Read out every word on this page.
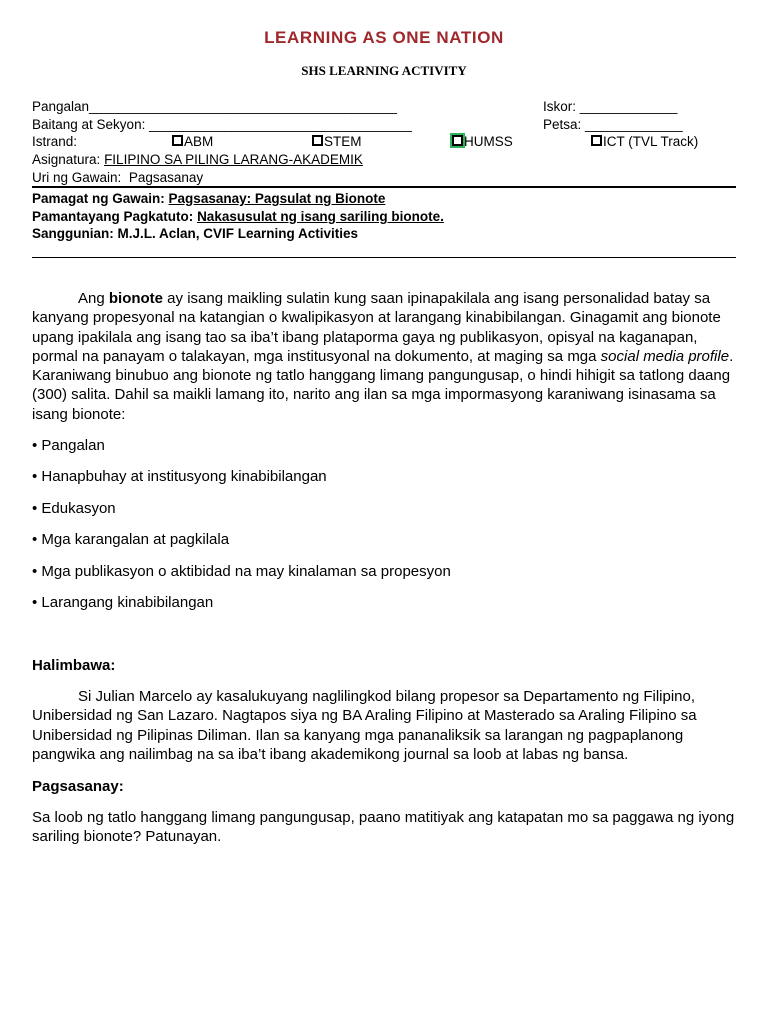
LEARNING AS ONE NATION
SHS LEARNING ACTIVITY
Pangalan_________________________________________	Iskor: _____________
Baitang at Sekyon: ___________________________________	Petsa: _____________
Istrand:	ABM	STEM	HUMSS	ICT (TVL Track)
Asignatura: FILIPINO SA PILING LARANG-AKADEMIK
Uri ng Gawain: Pagsasanay
Pamagat ng Gawain: Pagsasanay: Pagsulat ng Bionote
Pamantayang Pagkatuto: Nakasusulat ng isang sariling bionote.
Sanggunian: M.J.L. Aclan, CVIF Learning Activities
Ang bionote ay isang maikling sulatin kung saan ipinapakilala ang isang personalidad batay sa kanyang propesyonal na katangian o kwalipikasyon at larangang kinabibilangan. Ginagamit ang bionote upang ipakilala ang isang tao sa iba’t ibang plataporma gaya ng publikasyon, opisyal na kaganapan, pormal na panayam o talakayan, mga institusyonal na dokumento, at maging sa mga social media profile. Karaniwang binubuo ang bionote ng tatlo hanggang limang pangungusap, o hindi hihigit sa tatlong daang (300) salita. Dahil sa maikli lamang ito, narito ang ilan sa mga impormasyong karaniwang isinasama sa isang bionote:
• Pangalan
• Hanapbuhay at institusyong kinabibilangan
• Edukasyon
• Mga karangalan at pagkilala
• Mga publikasyon o aktibidad na may kinalaman sa propesyon
• Larangang kinabibilangan
Halimbawa:
Si Julian Marcelo ay kasalukuyang naglilingkod bilang propesor sa Departamento ng Filipino, Unibersidad ng San Lazaro. Nagtapos siya ng BA Araling Filipino at Masterado sa Araling Filipino sa Unibersidad ng Pilipinas Diliman. Ilan sa kanyang mga pananaliksik sa larangan ng pagpaplanong pangwika ang nailimbag na sa iba’t ibang akademikong journal sa loob at labas ng bansa.
Pagsasanay:
Sa loob ng tatlo hanggang limang pangungusap, paano matitiyak ang katapatan mo sa paggawa ng iyong sariling bionote? Patunayan.
